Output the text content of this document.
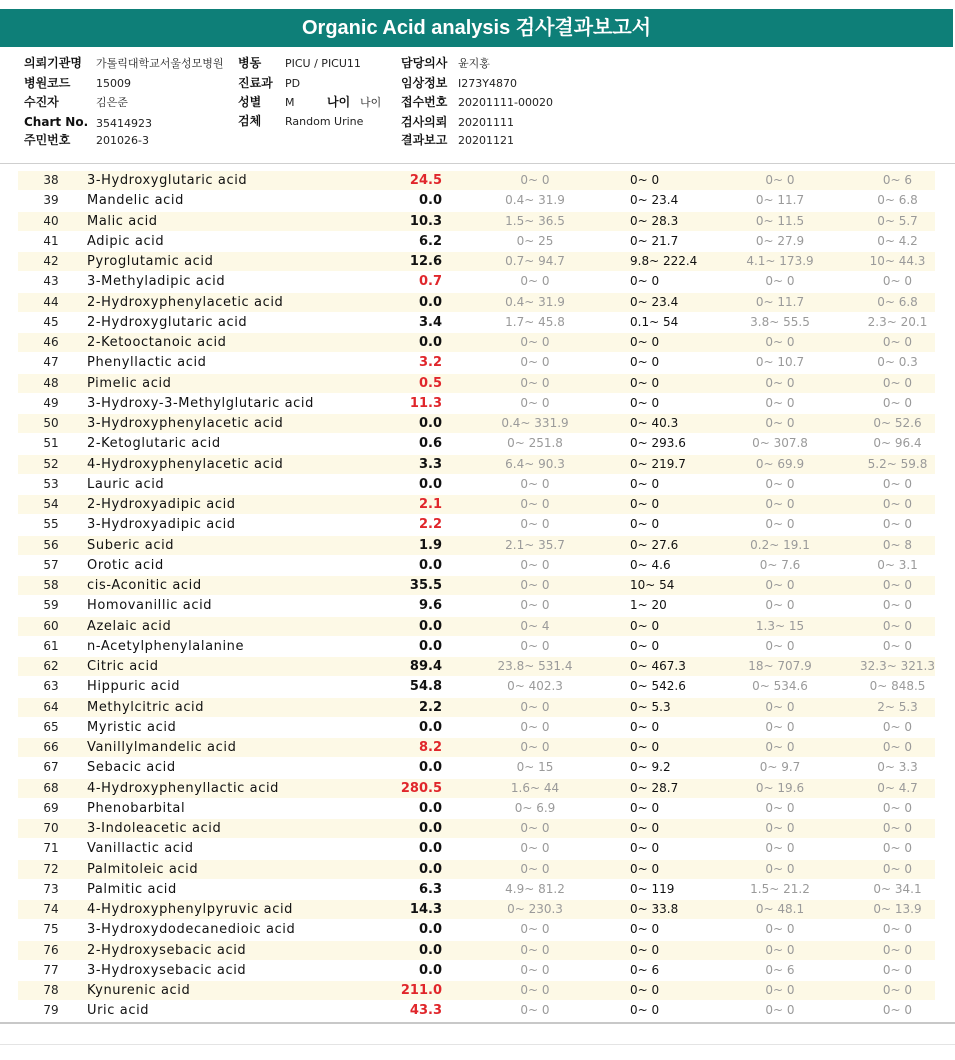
Organic Acid analysis 검사결과보고서
의뢰기관명 가톨릭대학교서울성모병원 병동 PICU / PICU11	담당의사 윤지홍
병원코드 15009	진료과 PD	임상정보 I273Y4870
수진자	김은준	성별 M	나이 나이 접수번호 20201111-00020
Chart No. 35414923	검체 Random Urine	검사의뢰 20201111
주민번호 201026-3	결과보고 20201121
38 3-Hydroxyglutaric acid	24.5	0~ 0	0~ 0	0~ 0	0~ 6
39 Mandelic acid	0.0	0.4~ 31.9	0~ 23.4	0~ 11.7	0~ 6.8
40 Malic acid	10.3	1.5~ 36.5	0~ 28.3	0~ 11.5	0~ 5.7
41 Adipic acid	6.2	0~ 25	0~ 21.7	0~ 27.9	0~ 4.2
42 Pyroglutamic acid	12.6	0.7~ 94.7	9.8~ 222.4	4.1~ 173.9	10~ 44.3
43 3-Methyladipic acid	0.7	0~ 0	0~ 0	0~ 0	0~ 0
44 2-Hydroxyphenylacetic acid	0.0	0.4~ 31.9	0~ 23.4	0~ 11.7	0~ 6.8
45 2-Hydroxyglutaric acid	3.4	1.7~ 45.8	0.1~ 54	3.8~ 55.5	2.3~ 20.1
46 2-Ketooctanoic acid	0.0	0~ 0	0~ 0	0~ 0	0~ 0
47 Phenyllactic acid	3.2	0~ 0	0~ 0	0~ 10.7	0~ 0.3
48 Pimelic acid	0.5	0~ 0	0~ 0	0~ 0	0~ 0
49 3-Hydroxy-3-Methylglutaric acid	11.3	0~ 0	0~ 0	0~ 0	0~ 0
50 3-Hydroxyphenylacetic acid	0.0	0.4~ 331.9	0~ 40.3	0~ 0	0~ 52.6
51 2-Ketoglutaric acid	0.6	0~ 251.8	0~ 293.6	0~ 307.8	0~ 96.4
52 4-Hydroxyphenylacetic acid	3.3	6.4~ 90.3	0~ 219.7	0~ 69.9	5.2~ 59.8
53 Lauric acid	0.0	0~ 0	0~ 0	0~ 0	0~ 0
54 2-Hydroxyadipic acid	2.1	0~ 0	0~ 0	0~ 0	0~ 0
55 3-Hydroxyadipic acid	2.2	0~ 0	0~ 0	0~ 0	0~ 0
56 Suberic acid	1.9	2.1~ 35.7	0~ 27.6	0.2~ 19.1	0~ 8
57 Orotic acid	0.0	0~ 0	0~ 4.6	0~ 7.6	0~ 3.1
58 cis-Aconitic acid	35.5	0~ 0	10~ 54	0~ 0	0~ 0
59 Homovanillic acid	9.6	0~ 0	1~ 20	0~ 0	0~ 0
60 Azelaic acid	0.0	0~ 4	0~ 0	1.3~ 15	0~ 0
61 n-Acetylphenylalanine	0.0	0~ 0	0~ 0	0~ 0	0~ 0
62 Citric acid	89.4	23.8~ 531.4	0~ 467.3	18~ 707.9	32.3~ 321.3
63 Hippuric acid	54.8	0~ 402.3	0~ 542.6	0~ 534.6	0~ 848.5
64 Methylcitric acid	2.2	0~ 0	0~ 5.3	0~ 0	2~ 5.3
65 Myristic acid	0.0	0~ 0	0~ 0	0~ 0	0~ 0
66 Vanillylmandelic acid	8.2	0~ 0	0~ 0	0~ 0	0~ 0
67 Sebacic acid	0.0	0~ 15	0~ 9.2	0~ 9.7	0~ 3.3
68 4-Hydroxyphenyllactic acid	280.5	1.6~ 44	0~ 28.7	0~ 19.6	0~ 4.7
69 Phenobarbital	0.0	0~ 6.9	0~ 0	0~ 0	0~ 0
70 3-Indoleacetic acid	0.0	0~ 0	0~ 0	0~ 0	0~ 0
71 Vanillactic acid	0.0	0~ 0	0~ 0	0~ 0	0~ 0
72 Palmitoleic acid	0.0	0~ 0	0~ 0	0~ 0	0~ 0
73 Palmitic acid	6.3	4.9~ 81.2	0~ 119	1.5~ 21.2	0~ 34.1
74 4-Hydroxyphenylpyruvic acid	14.3	0~ 230.3	0~ 33.8	0~ 48.1	0~ 13.9
75 3-Hydroxydodecanedioic acid	0.0	0~ 0	0~ 0	0~ 0	0~ 0
76 2-Hydroxysebacic acid	0.0	0~ 0	0~ 0	0~ 0	0~ 0
77 3-Hydroxysebacic acid	0.0	0~ 0	0~ 6	0~ 6	0~ 0
78 Kynurenic acid	211.0	0~ 0	0~ 0	0~ 0	0~ 0
79 Uric acid	43.3	0~ 0	0~ 0	0~ 0	0~ 0
